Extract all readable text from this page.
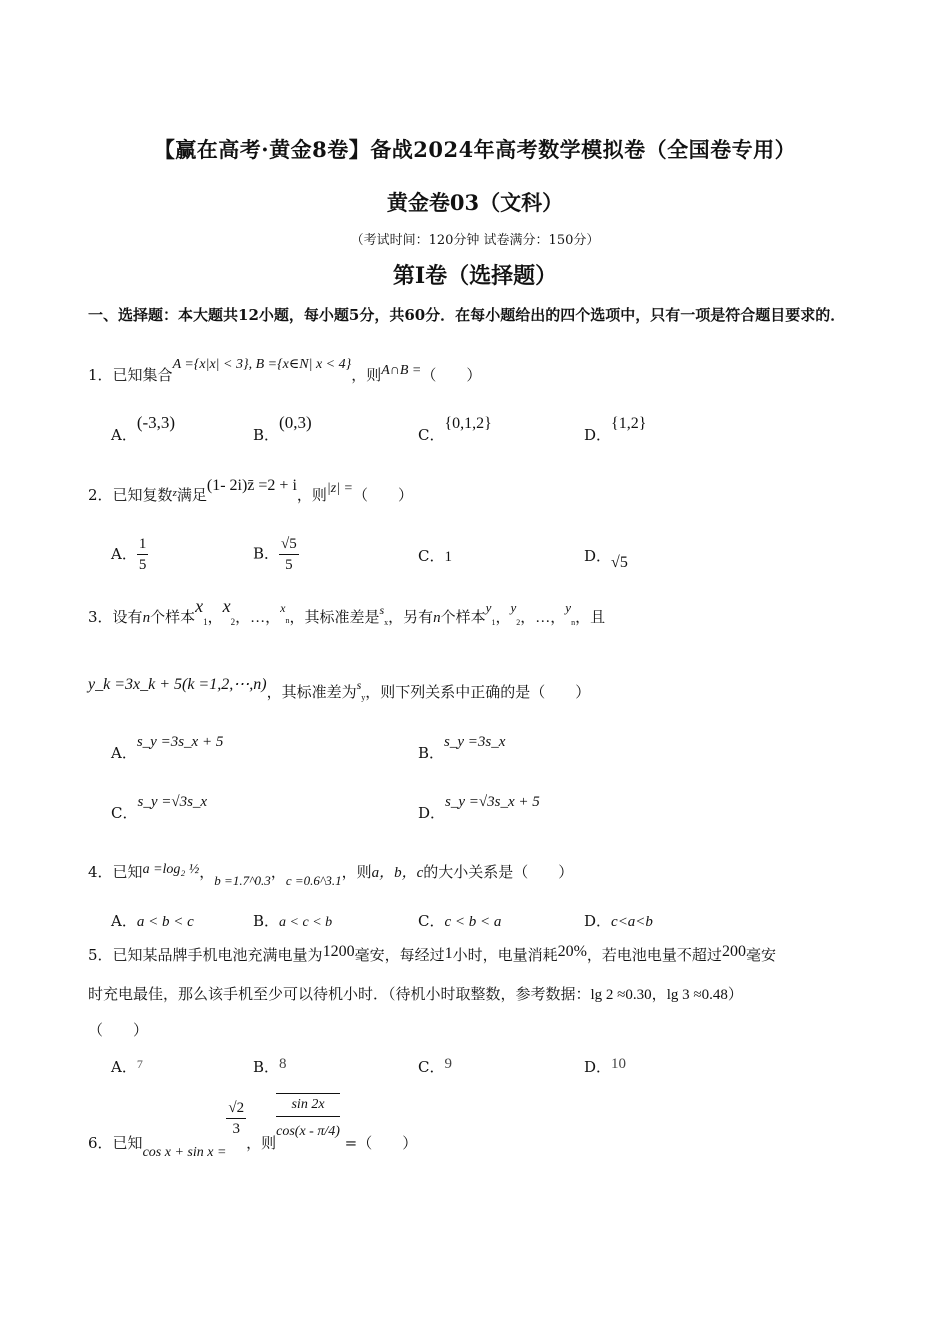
【赢在高考·黄金8卷】备战2024年高考数学模拟卷（全国卷专用）
黄金卷03（文科）
（考试时间：120分钟 试卷满分：150分）
第I卷（选择题）
一、选择题：本大题共12小题，每小题5分，共60分．在每小题给出的四个选项中，只有一项是符合题目要求的．
1．已知集合A ={x|x| < 3}, B ={x∈N| x < 4}，则A∩B =（　　）
A．(-3,3)
B．(0,3)
C．{0,1,2}
D．{1,2}
2．已知复数$^z$满足(1- 2i)z̄ =2 + i，则|z| =（　　）
A． $\frac{1}{5}$	B． $\frac{√5}{5}$	C．1	D．√5
3．设有n个样本$x_1$，$x_2$，…，$^x$n，其标准差是$^s_x$，另有n个样本$y_1$，$y_2$，…，$y_n$，且
y_k =3x_k + 5(k =1,2,⋯,n)，其标准差为$^s_y$，则下列关系中正确的是（　　）
A．s_y =3s_x + 5
B．s_y =3s_x
C．s_y =√3s_x
D．s_y =√3s_x + 5
4．已知a =log₂ ½，b =1.7^0.3，c =0.6^3.1，则a，b，c的大小关系是（　　）
A．a < b < c	B．a < c < b	C．c < b < a	D．c<a<b
5．已知某品牌手机电池充满电量为1200毫安，每经过1小时，电量消耗20%，若电池电量不超过200毫安
时充电最佳，那么该手机至少可以待机小时．（待机小时取整数，参考数据：lg 2 ≈0.30，lg 3 ≈0.48）
（　　）
A．$^7$	B．8	C．9	D．10
6．已知cos x + sin x =
$\frac{√2}{3}$
，则 $\frac{\sin 2x}{\cos(x - \pi/4)}$ =（　　）
